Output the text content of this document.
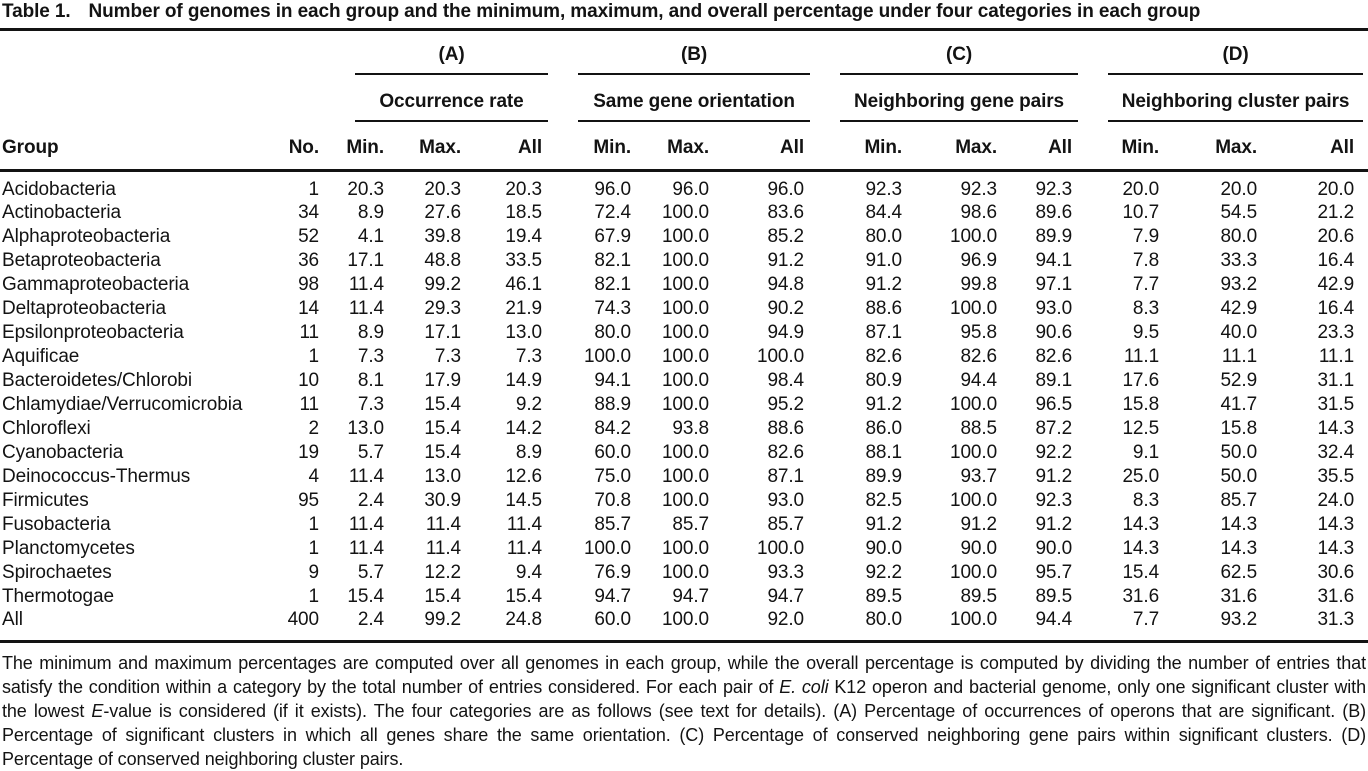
Table 1. Number of genomes in each group and the minimum, maximum, and overall percentage under four categories in each group

		(A)			(B)			(C)			(D)		

		Occurrence rate			Same gene orientation			Neighboring gene pairs			Neighboring cluster pairs		

Group	No.	Min.	Max.	All	Min.	Max.	All	Min.	Max.	All	Min.	Max.	All
Acidobacteria	1	20.3	20.3	20.3	96.0	96.0	96.0	92.3	92.3	92.3	20.0	20.0	20.0
Actinobacteria	34	8.9	27.6	18.5	72.4	100.0	83.6	84.4	98.6	89.6	10.7	54.5	21.2
Alphaproteobacteria	52	4.1	39.8	19.4	67.9	100.0	85.2	80.0	100.0	89.9	7.9	80.0	20.6
Betaproteobacteria	36	17.1	48.8	33.5	82.1	100.0	91.2	91.0	96.9	94.1	7.8	33.3	16.4
Gammaproteobacteria	98	11.4	99.2	46.1	82.1	100.0	94.8	91.2	99.8	97.1	7.7	93.2	42.9
Deltaproteobacteria	14	11.4	29.3	21.9	74.3	100.0	90.2	88.6	100.0	93.0	8.3	42.9	16.4
Epsilonproteobacteria	11	8.9	17.1	13.0	80.0	100.0	94.9	87.1	95.8	90.6	9.5	40.0	23.3
Aquificae	1	7.3	7.3	7.3	100.0	100.0	100.0	82.6	82.6	82.6	11.1	11.1	11.1
Bacteroidetes/Chlorobi	10	8.1	17.9	14.9	94.1	100.0	98.4	80.9	94.4	89.1	17.6	52.9	31.1
Chlamydiae/Verrucomicrobia	11	7.3	15.4	9.2	88.9	100.0	95.2	91.2	100.0	96.5	15.8	41.7	31.5
Chloroflexi	2	13.0	15.4	14.2	84.2	93.8	88.6	86.0	88.5	87.2	12.5	15.8	14.3
Cyanobacteria	19	5.7	15.4	8.9	60.0	100.0	82.6	88.1	100.0	92.2	9.1	50.0	32.4
Deinococcus-Thermus	4	11.4	13.0	12.6	75.0	100.0	87.1	89.9	93.7	91.2	25.0	50.0	35.5
Firmicutes	95	2.4	30.9	14.5	70.8	100.0	93.0	82.5	100.0	92.3	8.3	85.7	24.0
Fusobacteria	1	11.4	11.4	11.4	85.7	85.7	85.7	91.2	91.2	91.2	14.3	14.3	14.3
Planctomycetes	1	11.4	11.4	11.4	100.0	100.0	100.0	90.0	90.0	90.0	14.3	14.3	14.3
Spirochaetes	9	5.7	12.2	9.4	76.9	100.0	93.3	92.2	100.0	95.7	15.4	62.5	30.6
Thermotogae	1	15.4	15.4	15.4	94.7	94.7	94.7	89.5	89.5	89.5	31.6	31.6	31.6
All	400	2.4	99.2	24.8	60.0	100.0	92.0	80.0	100.0	94.4	7.7	93.2	31.3

The minimum and maximum percentages are computed over all genomes in each group, while the overall percentage is computed by dividing the number of entries that satisfy the condition within a category by the total number of entries considered. For each pair of E. coli K12 operon and bacterial genome, only one significant cluster with the lowest E-value is considered (if it exists). The four categories are as follows (see text for details). (A) Percentage of occurrences of operons that are significant. (B) Percentage of significant clusters in which all genes share the same orientation. (C) Percentage of conserved neighboring gene pairs within significant clusters. (D) Percentage of conserved neighboring cluster pairs.
